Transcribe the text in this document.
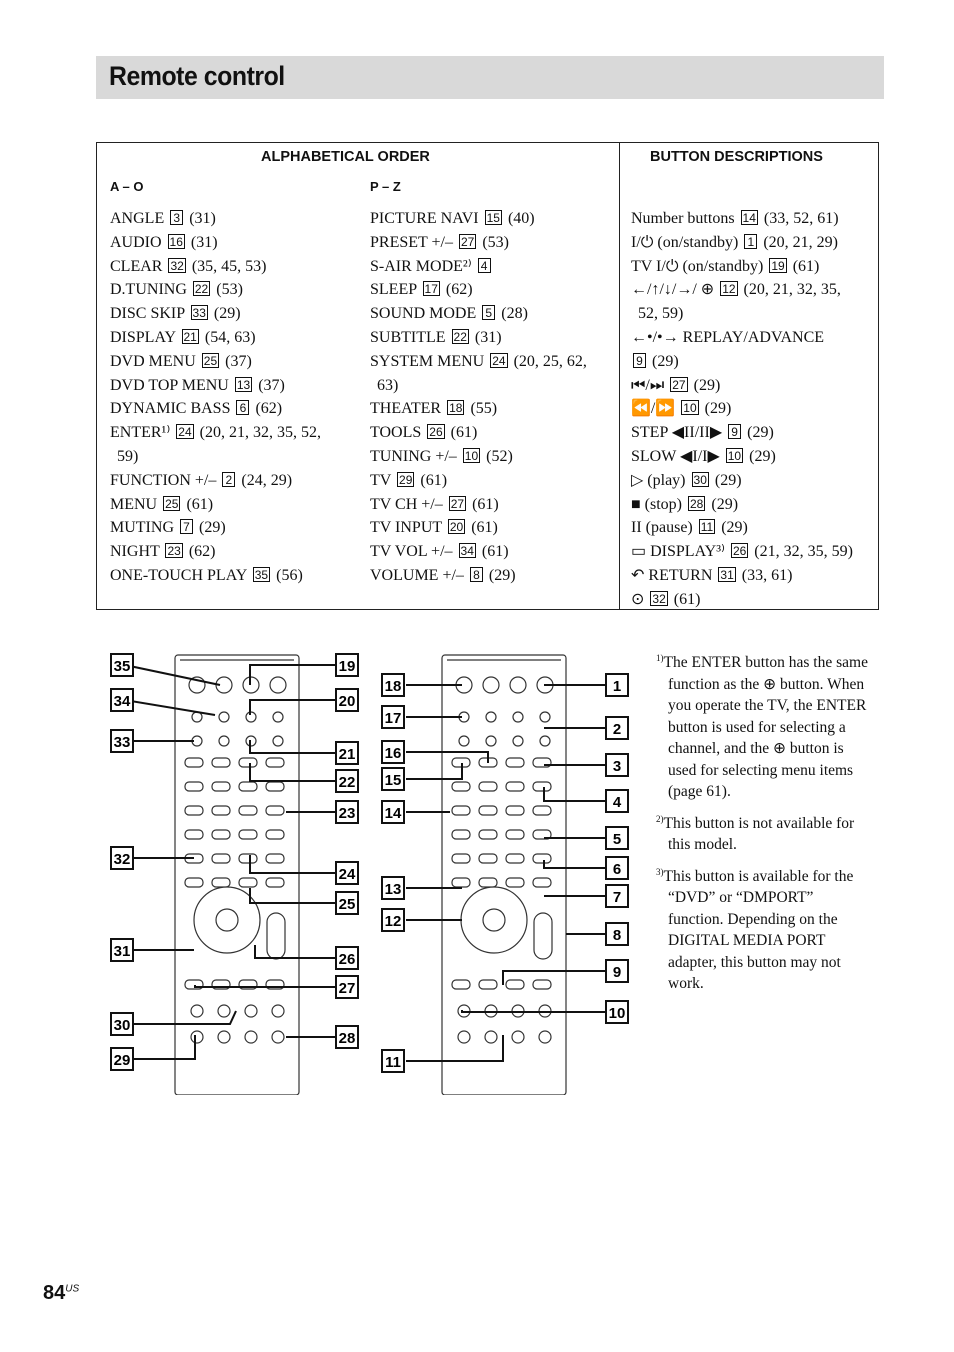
Remote control
ALPHABETICAL ORDER	BUTTON DESCRIPTIONS
A – O	P – Z
ANGLE 3 (31)
AUDIO 16 (31)
CLEAR 32 (35, 45, 53)
D.TUNING 22 (53)
DISC SKIP 33 (29)
DISPLAY 21 (54, 63)
DVD MENU 25 (37)
DVD TOP MENU 13 (37)
DYNAMIC BASS 6 (62)
ENTER¹⁾ 24 (20, 21, 32, 35, 52,
59)
FUNCTION +/– 2 (24, 29)
MENU 25 (61)
MUTING 7 (29)
NIGHT 23 (62)
ONE-TOUCH PLAY 35 (56)
PICTURE NAVI 15 (40)
PRESET +/– 27 (53)
S-AIR MODE²⁾ 4
SLEEP 17 (62)
SOUND MODE 5 (28)
SUBTITLE 22 (31)
SYSTEM MENU 24 (20, 25, 62,
63)
THEATER 18 (55)
TOOLS 26 (61)
TUNING +/– 10 (52)
TV 29 (61)
TV CH +/– 27 (61)
TV INPUT 20 (61)
TV VOL +/– 34 (61)
VOLUME +/– 8 (29)
Number buttons 14 (33, 52, 61)
I/⏻ (on/standby) 1 (20, 21, 29)
TV I/⏻ (on/standby) 19 (61)
←/↑/↓/→/ ⊕ 12 (20, 21, 32, 35,
52, 59)
←•/•→ REPLAY/ADVANCE
9 (29)
⏮/⏭ 27 (29)
⏪/⏩ 10 (29)
STEP ◀II/II▶ 9 (29)
SLOW ◀I/I▶ 10 (29)
▷ (play) 30 (29)
■ (stop) 28 (29)
II (pause) 11 (29)
▭ DISPLAY³⁾ 26 (21, 32, 35, 59)
↶ RETURN 31 (33, 61)
⊙ 32 (61)
35
34
33
32
31
30
29
19
20
21
22
23
24
25
26
27
28
18
17
16
15
14
13
12
11
1
2
3
4
5
6
7
8
9
10

$^{1)}$The ENTER button has the same function as the ⊕ button. When you operate the TV, the ENTER button is used for selecting a channel, and the ⊕ button is used for selecting menu items (page 61).

$^{2)}$This button is not available for this model.

$^{3)}$This button is available for the “DVD” or “DMPORT” function. Depending on the DIGITAL MEDIA PORT adapter, this button may not work.

$84^{US}$
